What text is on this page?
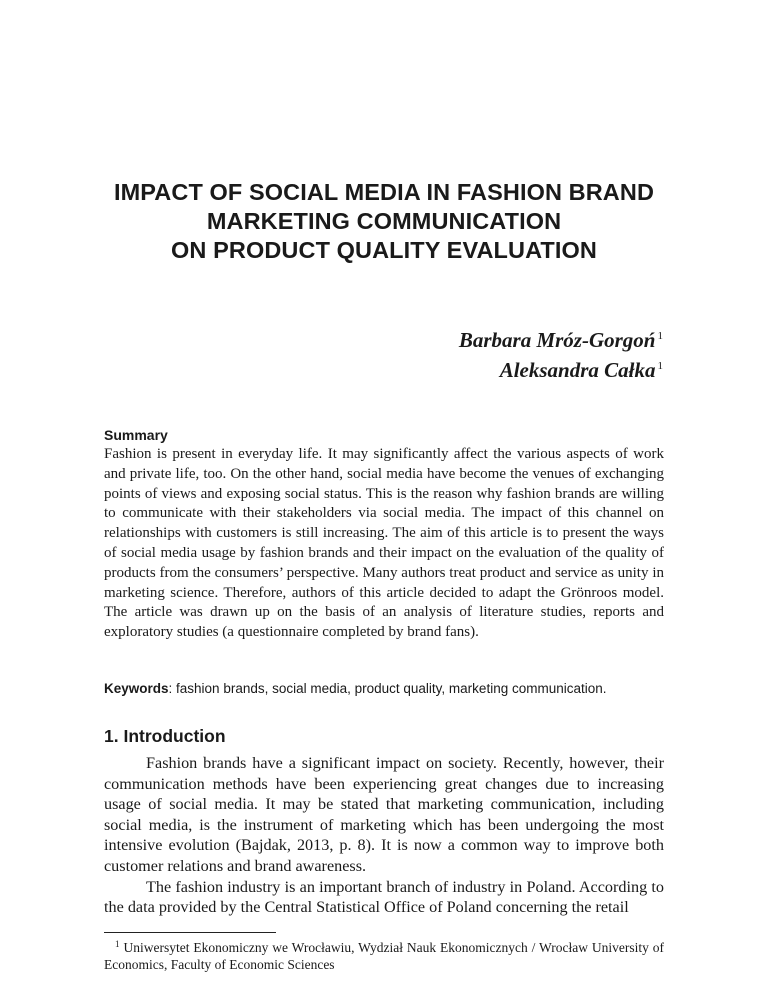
IMPACT OF SOCIAL MEDIA IN FASHION BRAND
MARKETING COMMUNICATION
ON PRODUCT QUALITY EVALUATION
Barbara Mróz-Gorgoń $^1$
Aleksandra Całka $^1$
Summary

Fashion is present in everyday life. It may significantly affect the various aspects of work and private life, too. On the other hand, social media have become the venues of exchanging points of views and exposing social status. This is the reason why fashion brands are willing to communicate with their stakeholders via social media. The impact of this channel on relationships with customers is still increasing. The aim of this article is to present the ways of social media usage by fashion brands and their impact on the evaluation of the quality of products from the consumers’ perspective. Many authors treat product and service as unity in marketing science. Therefore, authors of this article decided to adapt the Grönroos model. The article was drawn up on the basis of an analysis of literature studies, reports and exploratory studies (a questionnaire completed by brand fans).

Keywords: fashion brands, social media, product quality, marketing communication.

1. Introduction

Fashion brands have a significant impact on society. Recently, however, their communication methods have been experiencing great changes due to increasing usage of social media. It may be stated that marketing communication, including social media, is the instrument of marketing which has been undergoing the most intensive evolution (Bajdak, 2013, p. 8). It is now a common way to improve both customer relations and brand awareness.

The fashion industry is an important branch of industry in Poland. According to the data provided by the Central Statistical Office of Poland concerning the retail

$^1$ Uniwersytet Ekonomiczny we Wrocławiu, Wydział Nauk Ekonomicznych / Wrocław University of Economics, Faculty of Economic Sciences
